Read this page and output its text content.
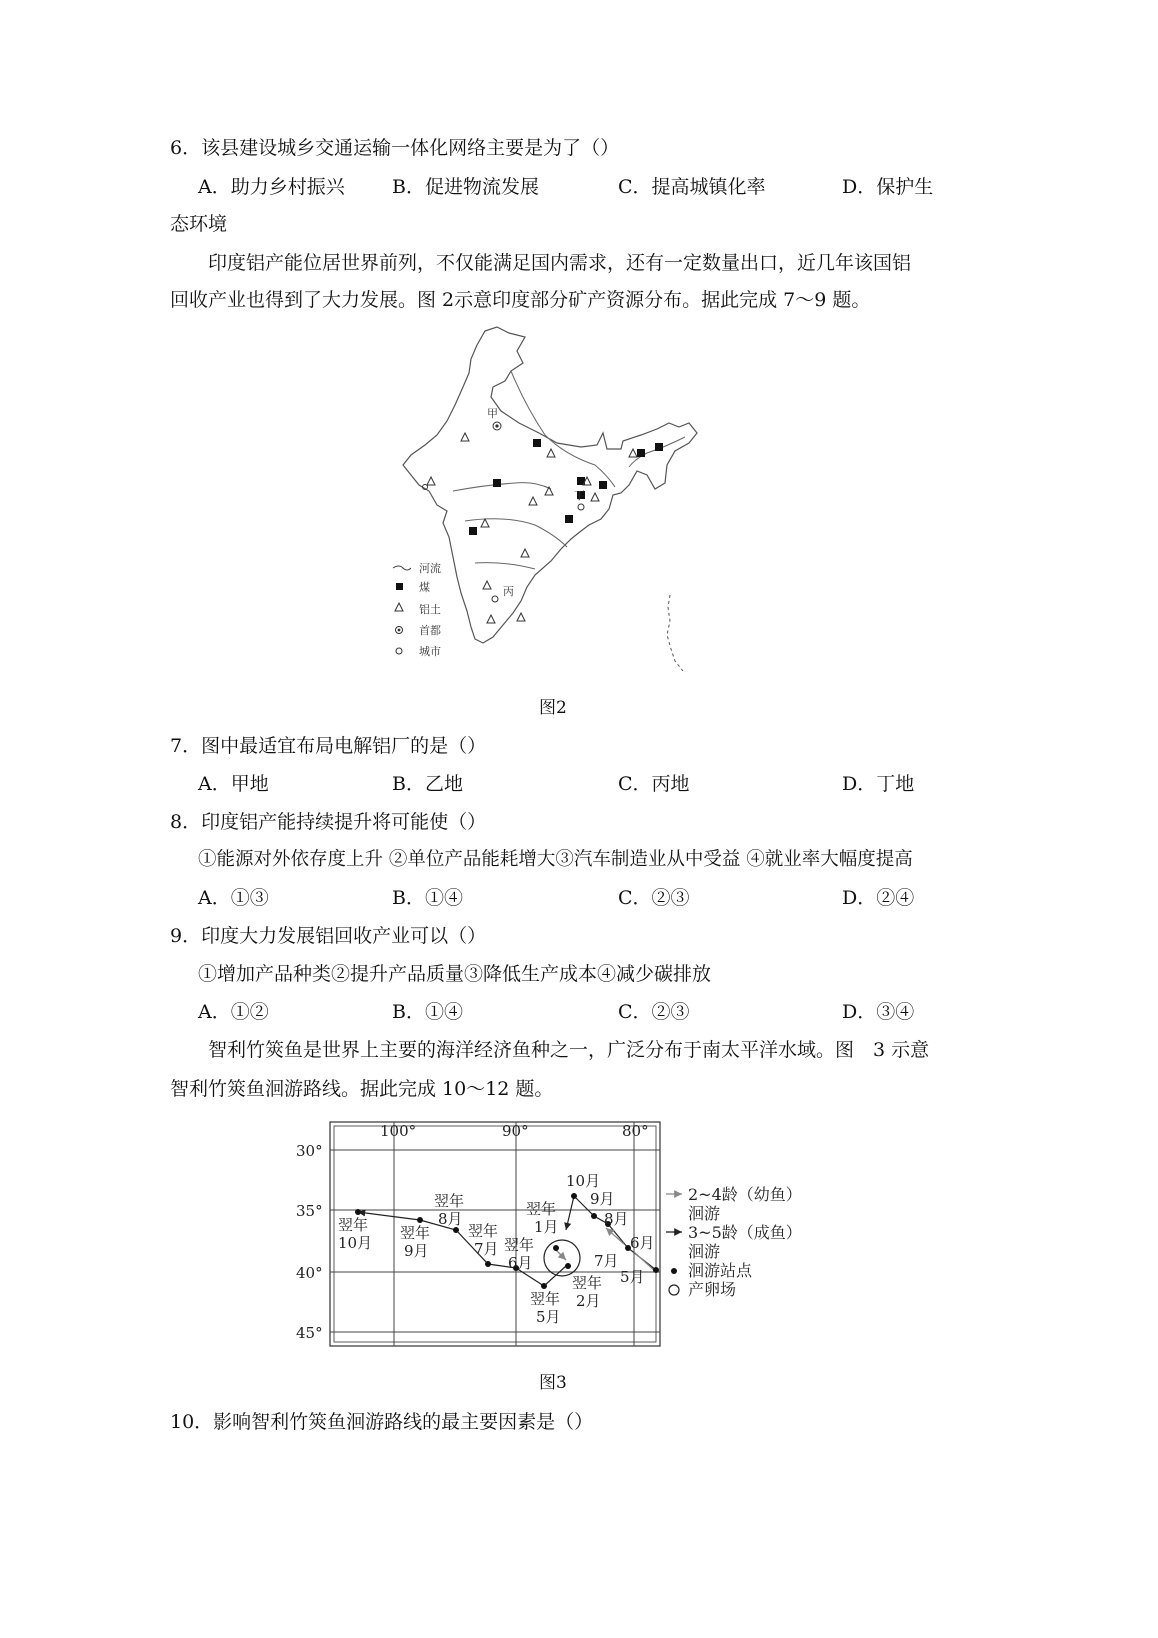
6．该县建设城乡交通运输一体化网络主要是为了（）
A．助力乡村振兴 B．促进物流发展	C．提高城镇化率	D．保护生
态环境
印度铝产能位居世界前列，不仅能满足国内需求，还有一定数量出口，近几年该国铝
回收产业也得到了大力发展。图 2示意印度部分矿产资源分布。据此完成 7～9 题。
甲
丁
丙
河流
煤
铝土
首都
城市
图2
7．图中最适宜布局电解铝厂的是（）
A．甲地	B．乙地	C．丙地	D．丁地
8．印度铝产能持续提升将可能使（）
①能源对外依存度上升 ②单位产品能耗增大③汽车制造业从中受益 ④就业率大幅度提高
A．①③	B．①④	C．②③	D．②④
9．印度大力发展铝回收产业可以（）
①增加产品种类②提升产品质量③降低生产成本④减少碳排放
A．①②	B．①④	C．②③	D．③④
智利竹筴鱼是世界上主要的海洋经济鱼种之一，广泛分布于南太平洋水域。图　3 示意
智利竹筴鱼洄游路线。据此完成 10～12 题。
100°	90°	80°
30°
35°
40°
45°
翌年
10月
翌年
9月
翌年
8月
翌年
7月 翌年
6月
翌年
1月
翌年
5月
翌年
2月
10月
9月
8月
6月
7月
5月
2~4龄（幼鱼）
洄游
3~5龄（成鱼）
洄游
洄游站点
产卵场
图3
10．影响智利竹筴鱼洄游路线的最主要因素是（）
